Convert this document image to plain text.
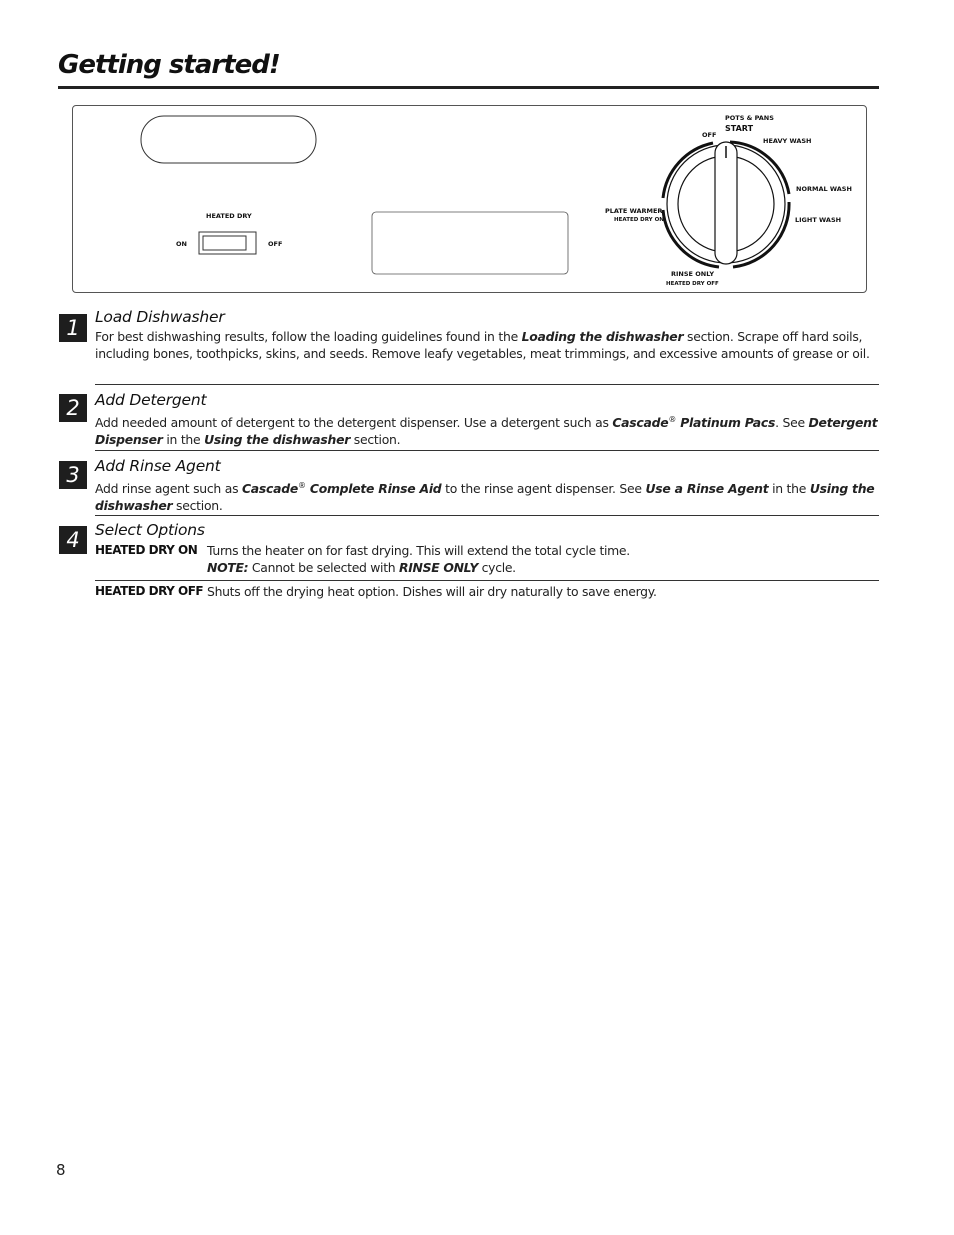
Getting started!
HEATED DRY
ON	OFF
POTS & PANS
START
OFF
HEAVY WASH
NORMAL WASH
LIGHT WASH
PLATE WARMER
HEATED DRY ON
RINSE ONLY
HEATED DRY OFF
1 Load Dishwasher

For best dishwashing results, follow the loading guidelines found in the Loading the dishwasher section. Scrape off hard soils, including bones, toothpicks, skins, and seeds. Remove leafy vegetables, meat trimmings, and excessive amounts of grease or oil.

2 Add Detergent

Add needed amount of detergent to the detergent dispenser. Use a detergent such as Cascade® Platinum Pacs. See Detergent Dispenser in the Using the dishwasher section.

3 Add Rinse Agent

Add rinse agent such as Cascade® Complete Rinse Aid to the rinse agent dispenser. See Use a Rinse Agent in the Using the dishwasher section.

4 Select Options

HEATED DRY ON Turns the heater on for fast drying. This will extend the total cycle time.
NOTE: Cannot be selected with RINSE ONLY cycle.
HEATED DRY OFF Shuts off the drying heat option. Dishes will air dry naturally to save energy.
8
